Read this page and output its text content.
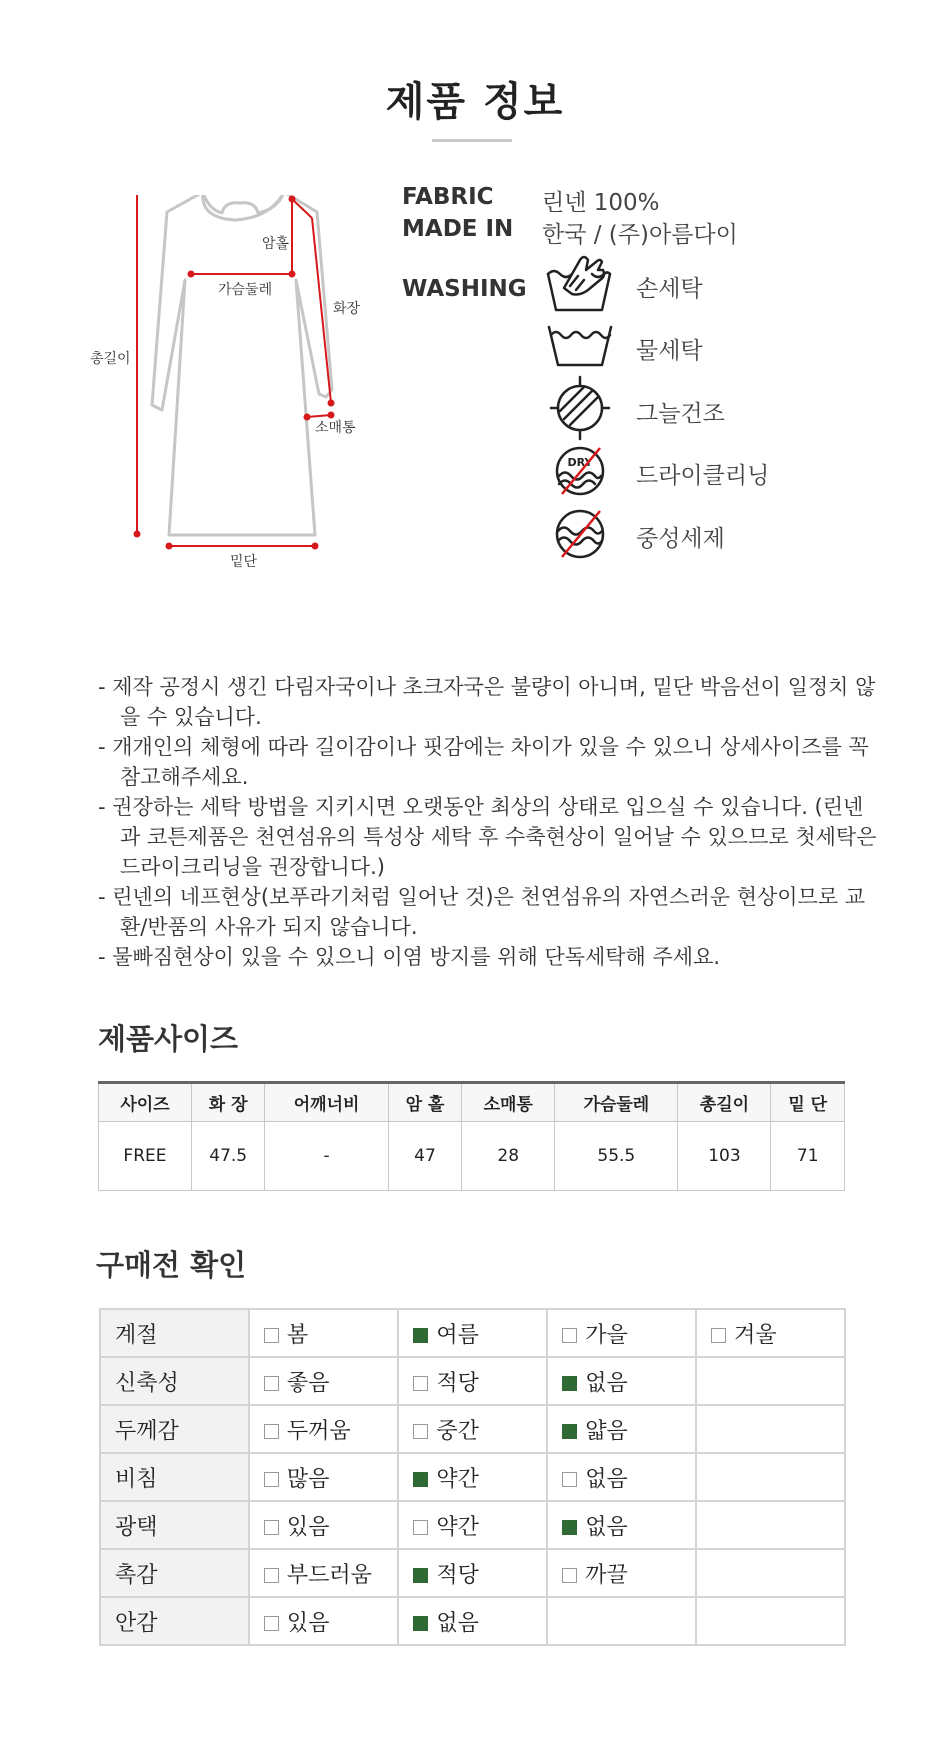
제품 정보
암홀
가슴둘레
화장
총길이
소매통
밑단
FABRIC 린넨 100%
MADE IN 한국 / (주)아름다이
WASHING	손세탁
물세탁
그늘건조
DRY
드라이클리닝
중성세제

- 제작 공정시 생긴 다림자국이나 초크자국은 불량이 아니며, 밑단 박음선이 일정치 않을 수 있습니다.

- 개개인의 체형에 따라 길이감이나 핏감에는 차이가 있을 수 있으니 상세사이즈를 꼭 참고해주세요.

- 권장하는 세탁 방법을 지키시면 오랫동안 최상의 상태로 입으실 수 있습니다. (린넨과 코튼제품은 천연섬유의 특성상 세탁 후 수축현상이 일어날 수 있으므로 첫세탁은 드라이크리닝을 권장합니다.)

- 린넨의 네프현상(보푸라기처럼 일어난 것)은 천연섬유의 자연스러운 현상이므로 교환/반품의 사유가 되지 않습니다.

- 물빠짐현상이 있을 수 있으니 이염 방지를 위해 단독세탁해 주세요.

제품사이즈
사이즈	화 장	어깨너비	암 홀	소매통	가슴둘레	총길이	밑 단
FREE	47.5	-	47	28	55.5	103	71
구매전 확인
계절	봄	여름	가을	겨울
신축성	좋음	적당	없음	
두께감	두꺼움	중간	얇음	
비침	많음	약간	없음	
광택	있음	약간	없음	
촉감	부드러움	적당	까끌	
안감	있음	없음		
